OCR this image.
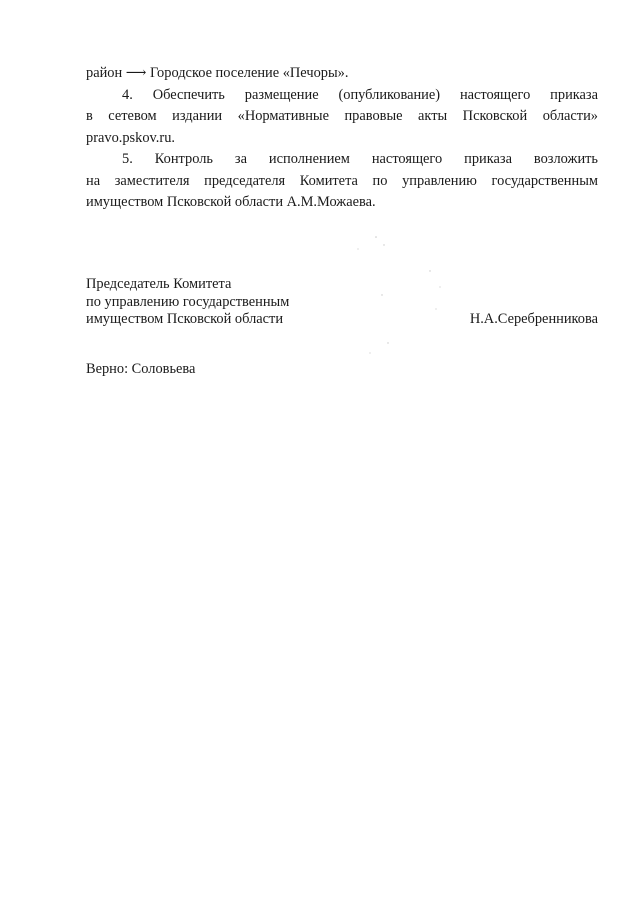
район ⟶ Городское поселение «Печоры».
4. Обеспечить размещение (опубликование) настоящего приказа
в сетевом издании «Нормативные правовые акты Псковской области»
pravo.pskov.ru.
5. Контроль за исполнением настоящего приказа возложить
на заместителя председателя Комитета по управлению государственным
имуществом Псковской области А.М.Можаева.
Председатель Комитета
по управлению государственным
имуществом Псковской области	Н.А.Серебренникова
Верно: Соловьева
